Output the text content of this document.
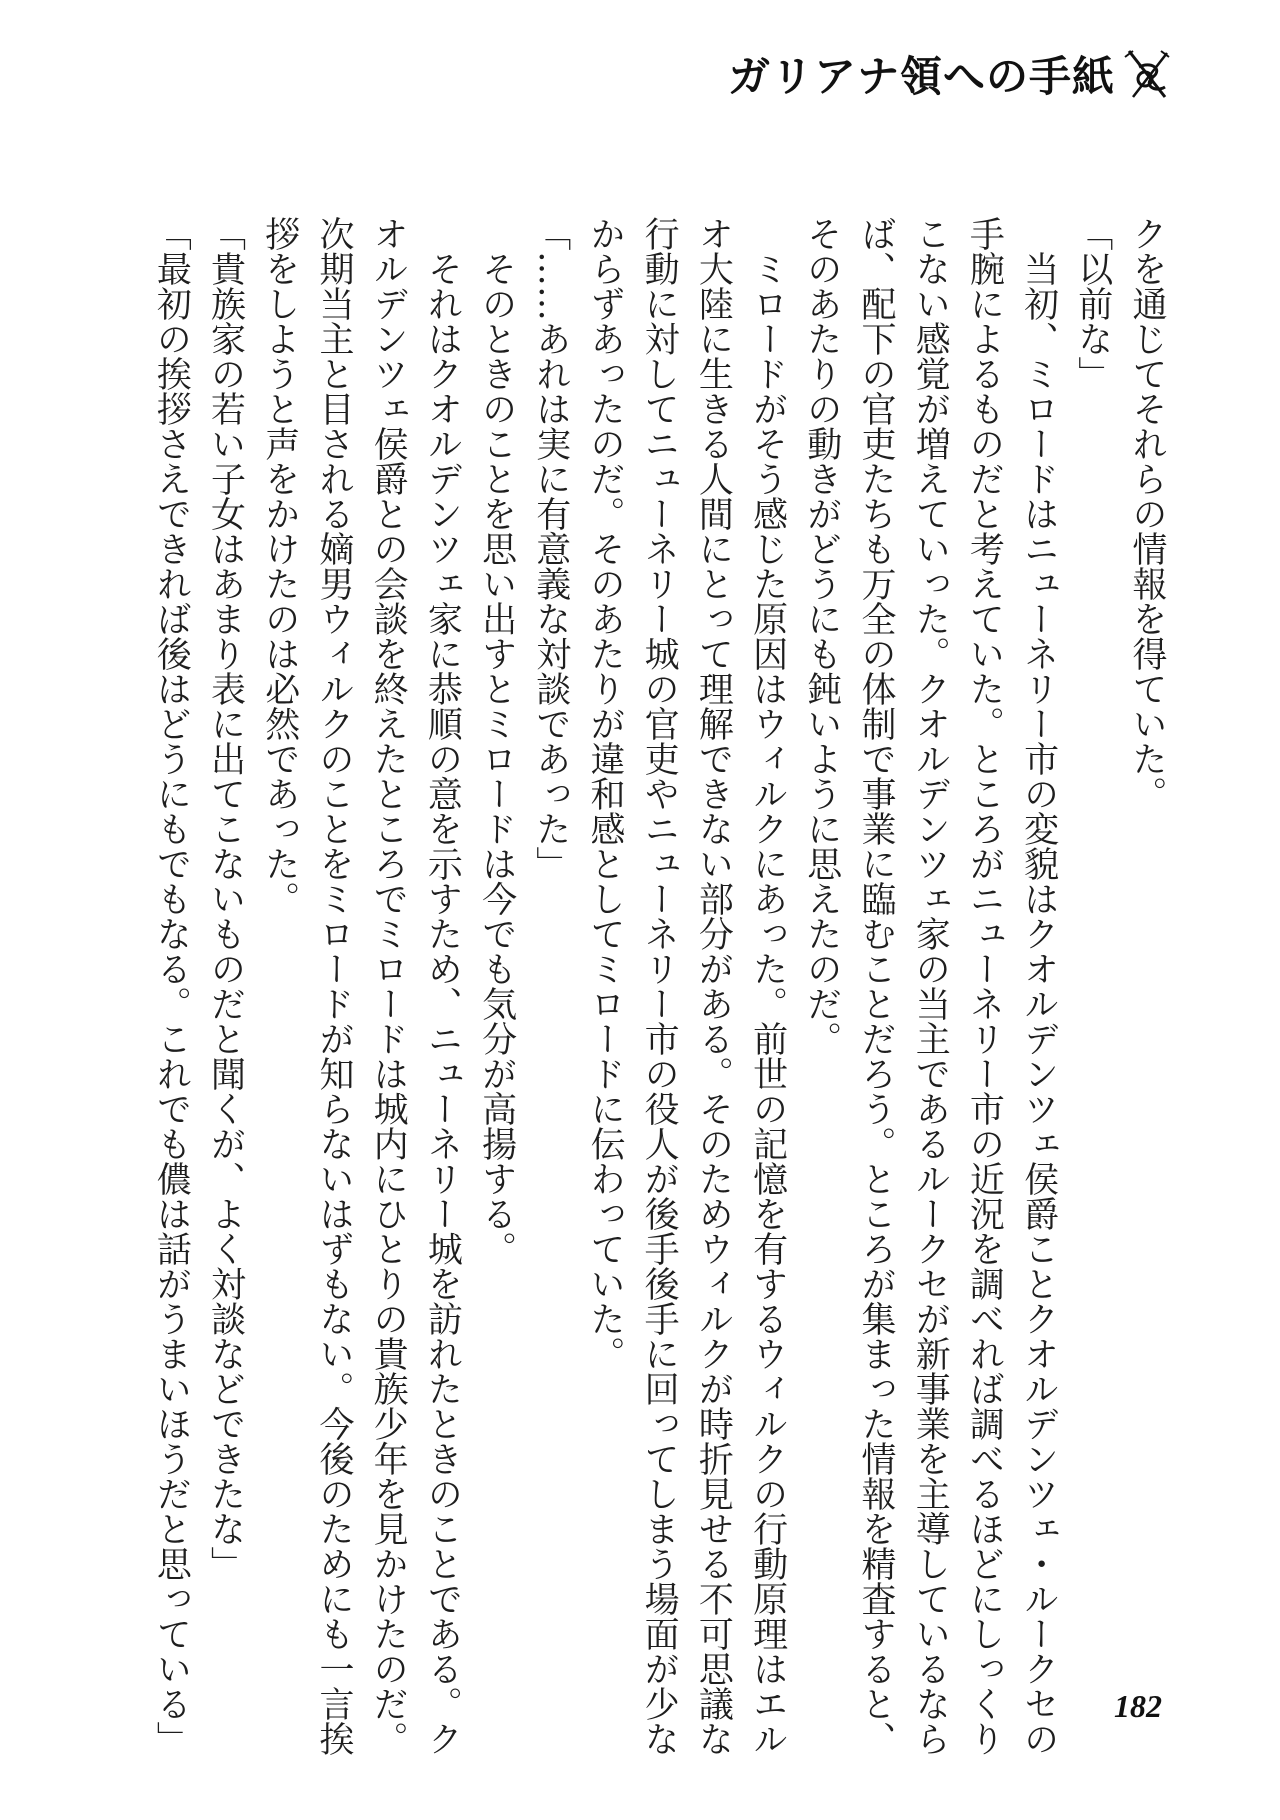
ガリアナ領への手紙
クを通じてそれらの情報を得ていた。
「以前な」
当初、ミロードはニューネリー市の変貌はクオルデンツェ侯爵ことクオルデンツェ・ルークセの
手腕によるものだと考えていた。ところがニューネリー市の近況を調べれば調べるほどにしっくり
こない感覚が増えていった。クオルデンツェ家の当主であるルークセが新事業を主導しているなら
ば、配下の官吏たちも万全の体制で事業に臨むことだろう。ところが集まった情報を精査すると、
そのあたりの動きがどうにも鈍いように思えたのだ。
ミロードがそう感じた原因はウィルクにあった。前世の記憶を有するウィルクの行動原理はエル
オ大陸に生きる人間にとって理解できない部分がある。そのためウィルクが時折見せる不可思議な
行動に対してニューネリー城の官吏やニューネリー市の役人が後手後手に回ってしまう場面が少な
からずあったのだ。そのあたりが違和感としてミロードに伝わっていた。
「……あれは実に有意義な対談であった」
そのときのことを思い出すとミロードは今でも気分が高揚する。
それはクオルデンツェ家に恭順の意を示すため、ニューネリー城を訪れたときのことである。ク
オルデンツェ侯爵との会談を終えたところでミロードは城内にひとりの貴族少年を見かけたのだ。
次期当主と目される嫡男ウィルクのことをミロードが知らないはずもない。今後のためにも一言挨
拶をしようと声をかけたのは必然であった。
「貴族家の若い子女はあまり表に出てこないものだと聞くが、よく対談などできたな」
「最初の挨拶さえできれば後はどうにもでもなる。これでも儂は話がうまいほうだと思っている」	182
